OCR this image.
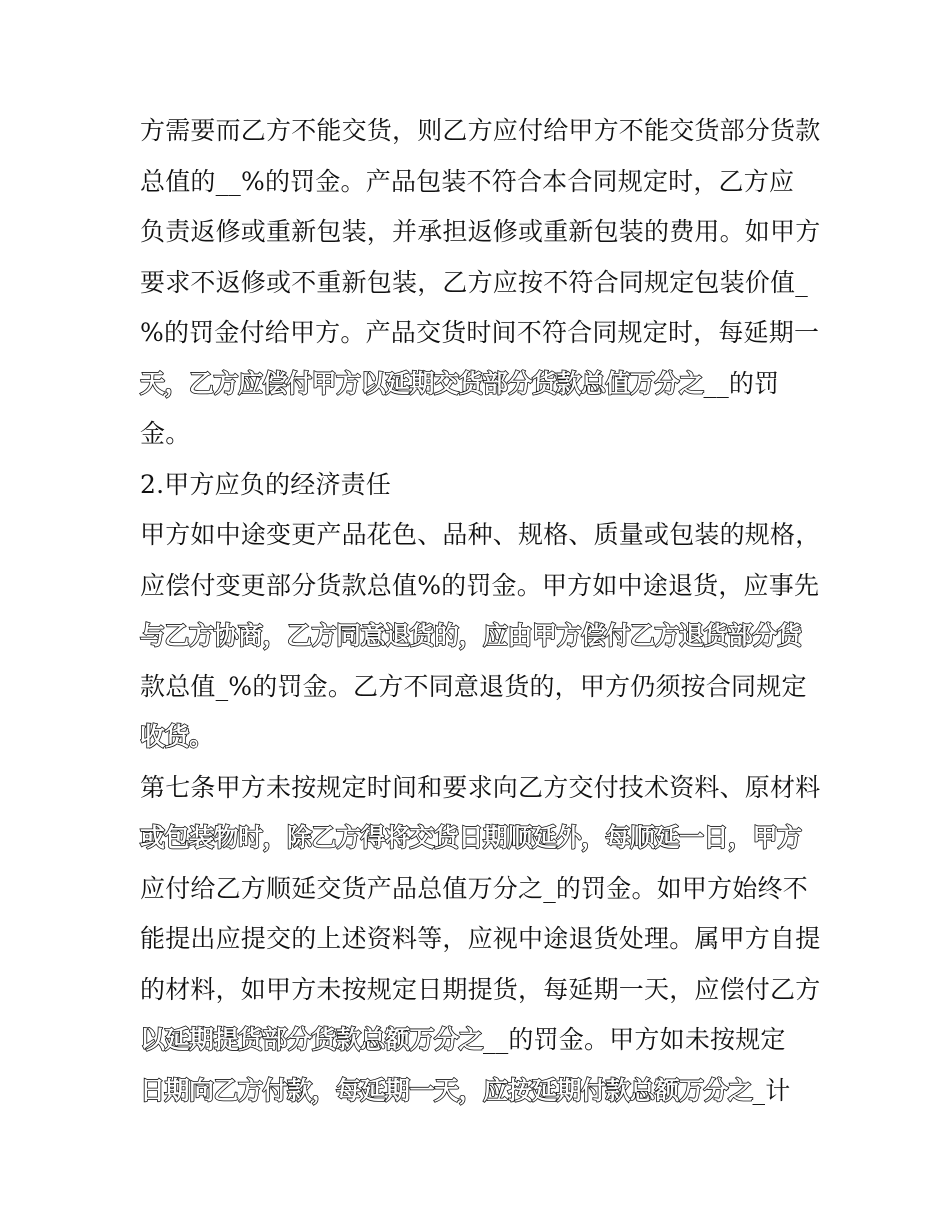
方需要而乙方不能交货，则乙方应付给甲方不能交货部分货款
总值的__%的罚金。产品包装不符合本合同规定时，乙方应
负责返修或重新包装，并承担返修或重新包装的费用。如甲方
要求不返修或不重新包装，乙方应按不符合同规定包装价值_
%的罚金付给甲方。产品交货时间不符合同规定时，每延期一
天，乙方应偿付甲方以延期交货部分货款总值万分之__的罚
金。
2.甲方应负的经济责任
甲方如中途变更产品花色、品种、规格、质量或包装的规格，
应偿付变更部分货款总值%的罚金。甲方如中途退货，应事先
与乙方协商，乙方同意退货的，应由甲方偿付乙方退货部分货
款总值_%的罚金。乙方不同意退货的，甲方仍须按合同规定
收货。
第七条甲方未按规定时间和要求向乙方交付技术资料、原材料
或包装物时，除乙方得将交货日期顺延外，每顺延一日，甲方
应付给乙方顺延交货产品总值万分之_的罚金。如甲方始终不
能提出应提交的上述资料等，应视中途退货处理。属甲方自提
的材料，如甲方未按规定日期提货，每延期一天，应偿付乙方
以延期提货部分货款总额万分之__的罚金。甲方如未按规定
日期向乙方付款，每延期一天，应按延期付款总额万分之_计
